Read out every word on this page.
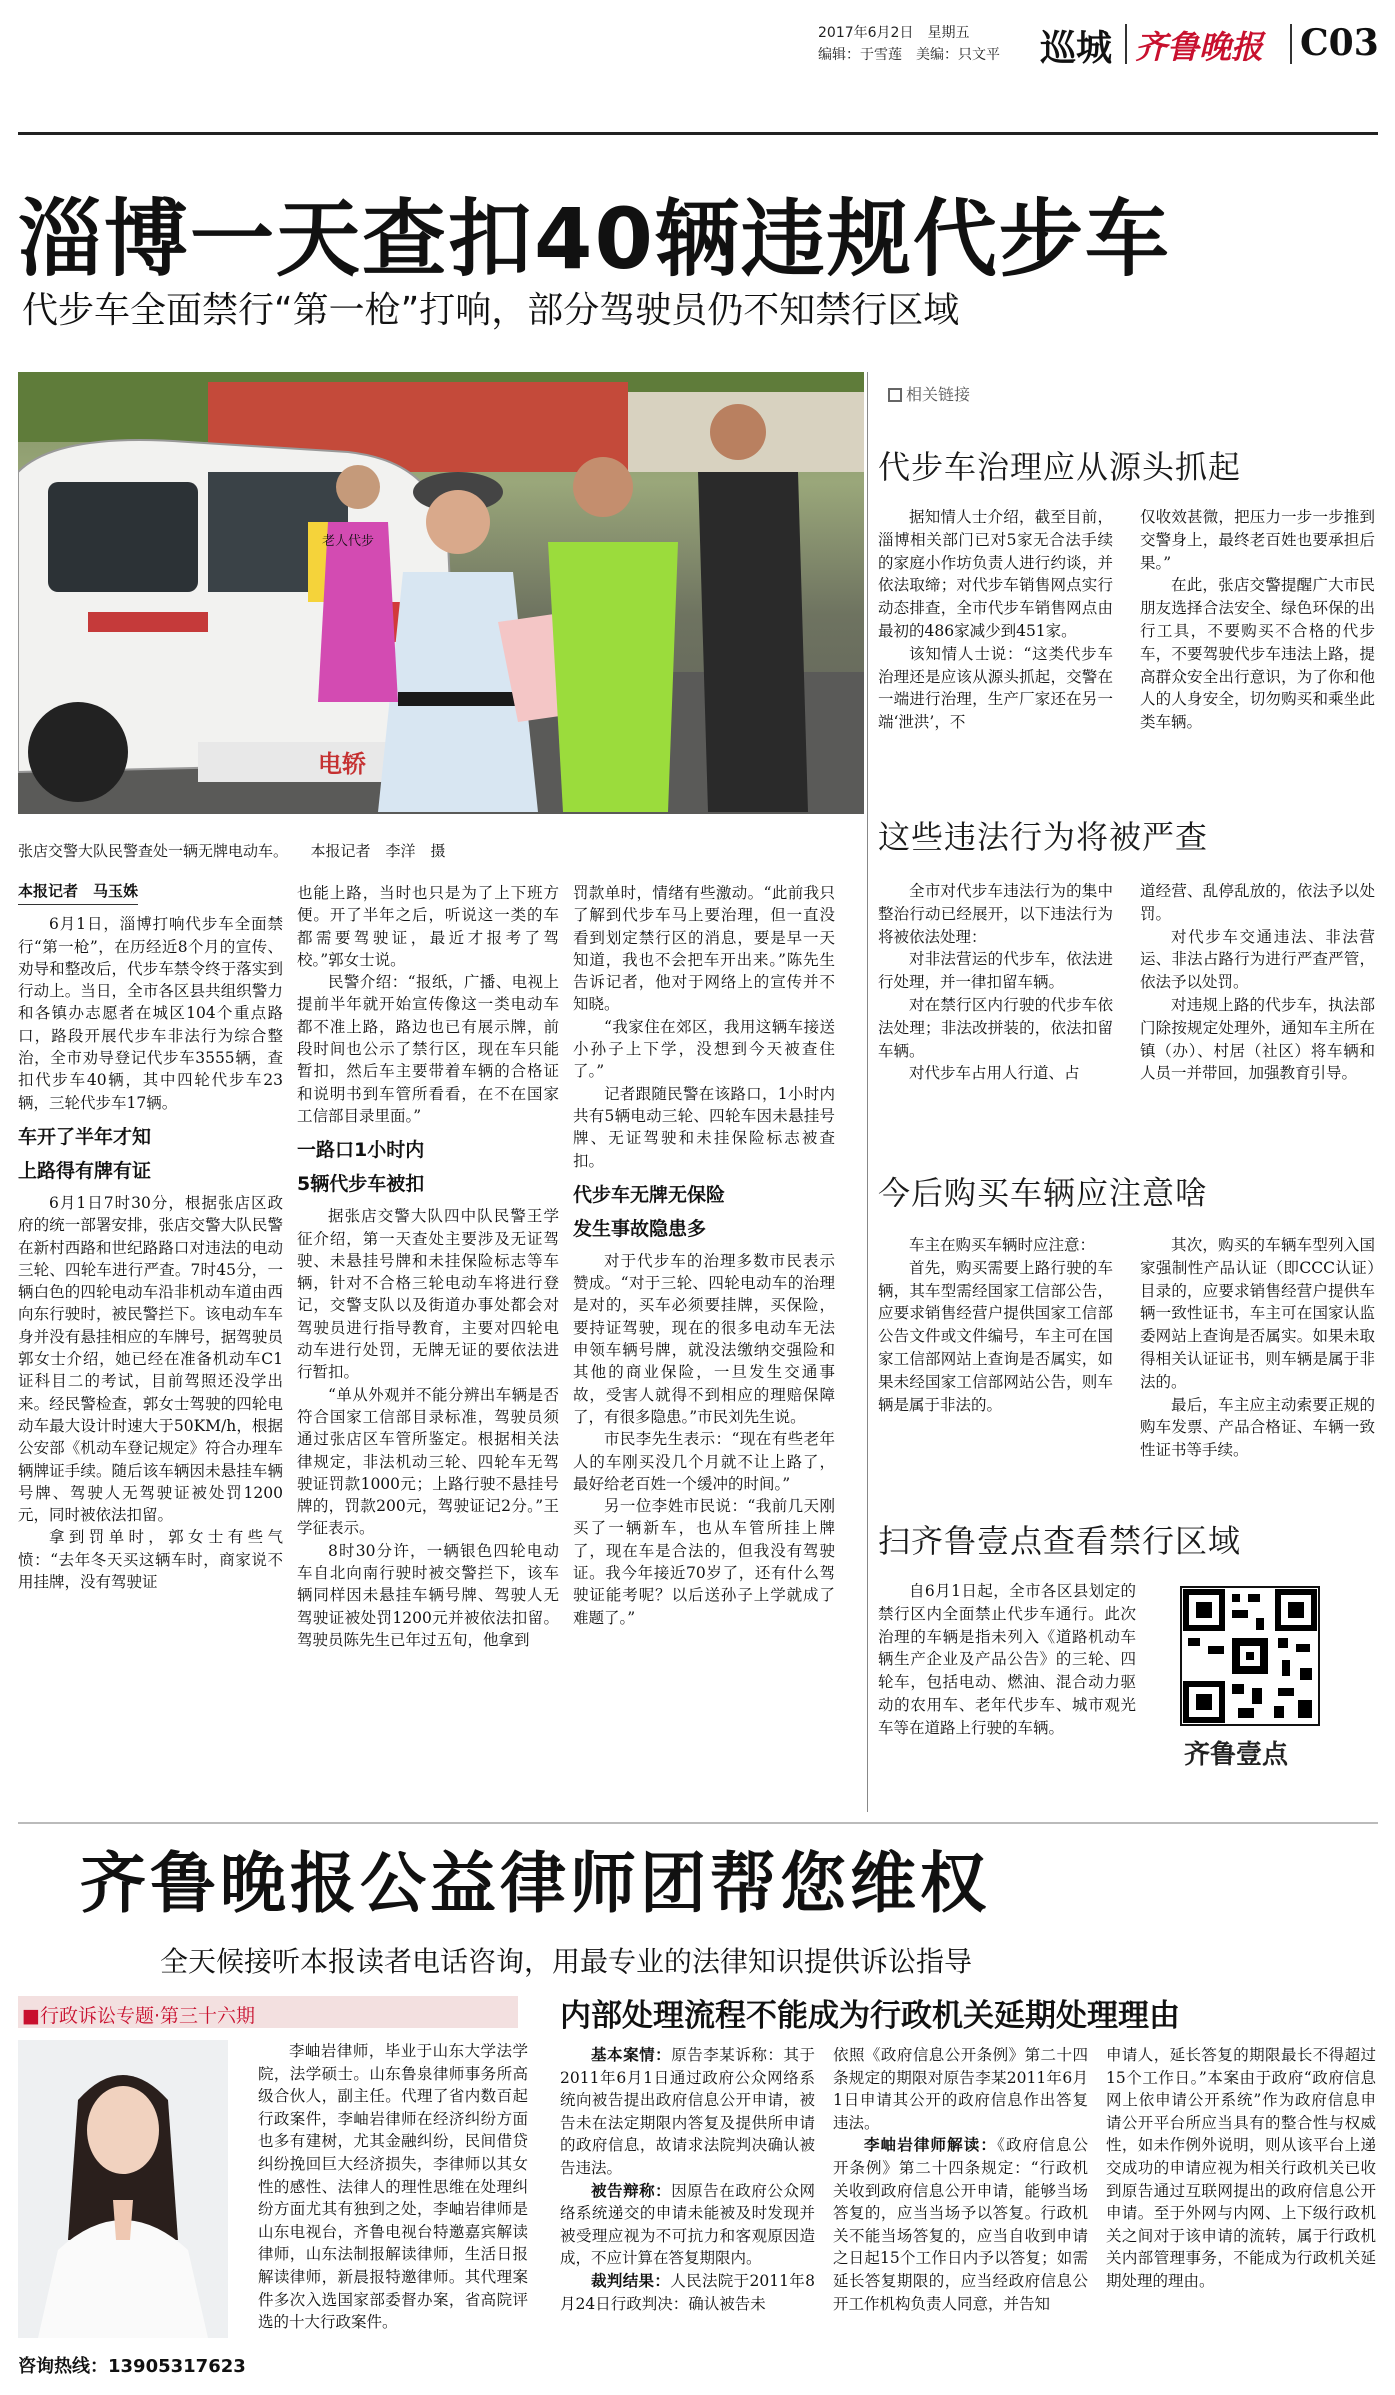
2017年6月2日　 星期五
编辑：于雪莲　 美编：只文平 巡城 齐鲁晚报 C03
淄博一天查扣40辆违规代步车
代步车全面禁行“第一枪”打响，部分驾驶员仍不知禁行区域
电轿
老人代步
张店交警大队民警查处一辆无牌电动车。　　本报记者　李洋　摄
本报记者　马玉姝

6月1日，淄博打响代步车全面禁行“第一枪”，在历经近8个月的宣传、劝导和整改后，代步车禁令终于落实到行动上。当日，全市各区县共组织警力和各镇办志愿者在城区104个重点路口，路段开展代步车非法行为综合整治，全市劝导登记代步车3555辆，查扣代步车40辆，其中四轮代步车23辆，三轮代步车17辆。

车开了半年才知
上路得有牌有证

6月1日7时30分，根据张店区政府的统一部署安排，张店交警大队民警在新村西路和世纪路路口对违法的电动三轮、四轮车进行严查。7时45分，一辆白色的四轮电动车沿非机动车道由西向东行驶时，被民警拦下。该电动车车身并没有悬挂相应的车牌号，据驾驶员郭女士介绍，她已经在准备机动车C1证科目二的考试，目前驾照还没学出来。经民警检查，郭女士驾驶的四轮电动车最大设计时速大于50KM/h，根据公安部《机动车登记规定》符合办理车辆牌证手续。随后该车辆因未悬挂车辆号牌、驾驶人无驾驶证被处罚1200元，同时被依法扣留。

拿到罚单时，郭女士有些气愤：“去年冬天买这辆车时，商家说不用挂牌，没有驾驶证

也能上路，当时也只是为了上下班方便。开了半年之后，听说这一类的车都需要驾驶证，最近才报考了驾校。”郭女士说。

民警介绍：“报纸，广播、电视上提前半年就开始宣传像这一类电动车都不准上路，路边也已有展示牌，前段时间也公示了禁行区，现在车只能暂扣，然后车主要带着车辆的合格证和说明书到车管所看看，在不在国家工信部目录里面。”

一路口1小时内
5辆代步车被扣

据张店交警大队四中队民警王学征介绍，第一天查处主要涉及无证驾驶、未悬挂号牌和未挂保险标志等车辆，针对不合格三轮电动车将进行登记，交警支队以及街道办事处都会对驾驶员进行指导教育，主要对四轮电动车进行处罚，无牌无证的要依法进行暂扣。

“单从外观并不能分辨出车辆是否符合国家工信部目录标准，驾驶员须通过张店区车管所鉴定。根据相关法律规定，非法机动三轮、四轮车无驾驶证罚款1000元；上路行驶不悬挂号牌的，罚款200元，驾驶证记2分。”王学征表示。

8时30分许，一辆银色四轮电动车自北向南行驶时被交警拦下，该车辆同样因未悬挂车辆号牌、驾驶人无驾驶证被处罚1200元并被依法扣留。驾驶员陈先生已年过五旬，他拿到

罚款单时，情绪有些激动。“此前我只了解到代步车马上要治理，但一直没看到划定禁行区的消息，要是早一天知道，我也不会把车开出来。”陈先生告诉记者，他对于网络上的宣传并不知晓。

“我家住在郊区，我用这辆车接送小孙子上下学，没想到今天被查住了。”

记者跟随民警在该路口，1小时内共有5辆电动三轮、四轮车因未悬挂号牌、无证驾驶和未挂保险标志被查扣。

代步车无牌无保险
发生事故隐患多

对于代步车的治理多数市民表示赞成。“对于三轮、四轮电动车的治理是对的，买车必须要挂牌，买保险，要持证驾驶，现在的很多电动车无法申领车辆号牌，就没法缴纳交强险和其他的商业保险，一旦发生交通事故，受害人就得不到相应的理赔保障了，有很多隐患。”市民刘先生说。

市民李先生表示：“现在有些老年人的车刚买没几个月就不让上路了，最好给老百姓一个缓冲的时间。”

另一位李姓市民说：“我前几天刚买了一辆新车，也从车管所挂上牌了，现在车是合法的，但我没有驾驶证。我今年接近70岁了，还有什么驾驶证能考呢？以后送孙子上学就成了难题了。”

相关链接
代步车治理应从源头抓起

据知情人士介绍，截至目前，淄博相关部门已对5家无合法手续的家庭小作坊负责人进行约谈，并依法取缔；对代步车销售网点实行动态排查，全市代步车销售网点由最初的486家减少到451家。

该知情人士说：“这类代步车治理还是应该从源头抓起，交警在一端进行治理，生产厂家还在另一端‘泄洪’，不

仅收效甚微，把压力一步一步推到交警身上，最终老百姓也要承担后果。”

在此，张店交警提醒广大市民朋友选择合法安全、绿色环保的出行工具，不要购买不合格的代步车，不要驾驶代步车违法上路，提高群众安全出行意识，为了你和他人的人身安全，切勿购买和乘坐此类车辆。

这些违法行为将被严查

全市对代步车违法行为的集中整治行动已经展开，以下违法行为将被依法处理：

对非法营运的代步车，依法进行处理，并一律扣留车辆。

对在禁行区内行驶的代步车依法处理；非法改拼装的，依法扣留车辆。

对代步车占用人行道、占

道经营、乱停乱放的，依法予以处罚。

对代步车交通违法、非法营运、非法占路行为进行严查严管，依法予以处罚。

对违规上路的代步车，执法部门除按规定处理外，通知车主所在镇（办）、村居（社区）将车辆和人员一并带回，加强教育引导。

今后购买车辆应注意啥

车主在购买车辆时应注意：

首先，购买需要上路行驶的车辆，其车型需经国家工信部公告，应要求销售经营户提供国家工信部公告文件或文件编号，车主可在国家工信部网站上查询是否属实，如果未经国家工信部网站公告，则车辆是属于非法的。

其次，购买的车辆车型列入国家强制性产品认证（即CCC认证）目录的，应要求销售经营户提供车辆一致性证书，车主可在国家认监委网站上查询是否属实。如果未取得相关认证证书，则车辆是属于非法的。

最后，车主应主动索要正规的购车发票、产品合格证、车辆一致性证书等手续。

扫齐鲁壹点查看禁行区域

自6月1日起，全市各区县划定的禁行区内全面禁止代步车通行。此次治理的车辆是指未列入《道路机动车辆生产企业及产品公告》的三轮、四轮车，包括电动、燃油、混合动力驱动的农用车、老年代步车、城市观光车等在道路上行驶的车辆。

齐鲁壹点
齐鲁晚报公益律师团帮您维权
全天候接听本报读者电话咨询，用最专业的法律知识提供诉讼指导
■行政诉讼专题·第三十六期
咨询热线：13905317623

李岫岩律师，毕业于山东大学法学院，法学硕士。山东鲁泉律师事务所高级合伙人，副主任。代理了省内数百起行政案件，李岫岩律师在经济纠纷方面也多有建树，尤其金融纠纷，民间借贷纠纷挽回巨大经济损失，李律师以其女性的感性、法律人的理性思维在处理纠纷方面尤其有独到之处，李岫岩律师是山东电视台，齐鲁电视台特邀嘉宾解读律师，山东法制报解读律师，生活日报解读律师，新晨报特邀律师。其代理案件多次入选国家部委督办案，省高院评选的十大行政案件。

内部处理流程不能成为行政机关延期处理理由

基本案情：原告李某诉称：其于2011年6月1日通过政府公众网络系统向被告提出政府信息公开申请，被告未在法定期限内答复及提供所申请的政府信息，故请求法院判决确认被告违法。

被告辩称：因原告在政府公众网络系统递交的申请未能被及时发现并被受理应视为不可抗力和客观原因造成，不应计算在答复期限内。

裁判结果：人民法院于2011年8月24日行政判决：确认被告未

依照《政府信息公开条例》第二十四条规定的期限对原告李某2011年6月1日申请其公开的政府信息作出答复违法。

李岫岩律师解读：《政府信息公开条例》第二十四条规定：“行政机关收到政府信息公开申请，能够当场答复的，应当当场予以答复。行政机关不能当场答复的，应当自收到申请之日起15个工作日内予以答复；如需延长答复期限的，应当经政府信息公开工作机构负责人同意，并告知

申请人，延长答复的期限最长不得超过15个工作日。”本案由于政府“政府信息网上依申请公开系统”作为政府信息申请公开平台所应当具有的整合性与权威性，如未作例外说明，则从该平台上递交成功的申请应视为相关行政机关已收到原告通过互联网提出的政府信息公开申请。至于外网与内网、上下级行政机关之间对于该申请的流转，属于行政机关内部管理事务，不能成为行政机关延期处理的理由。
